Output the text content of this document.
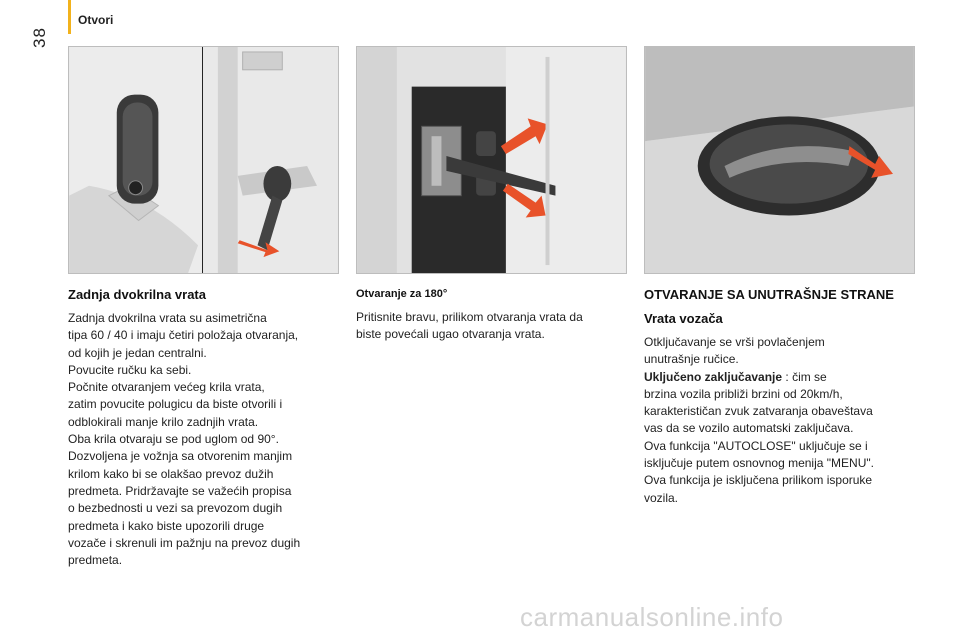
38
Otvori
Zadnja dvokrilna vrata

Zadnja dvokrilna vrata su asimetrična
tipa 60 / 40 i imaju četiri položaja otvaranja,
od kojih je jedan centralni.
Povucite ručku ka sebi.
Počnite otvaranjem većeg krila vrata,
zatim povucite polugicu da biste otvorili i
odblokirali manje krilo zadnjih vrata.
Oba krila otvaraju se pod uglom od 90°.
Dozvoljena je vožnja sa otvorenim manjim
krilom kako bi se olakšao prevoz dužih
predmeta. Pridržavajte se važećih propisa
o bezbednosti u vezi sa prevozom dugih
predmeta i kako biste upozorili druge
vozače i skrenuli im pažnju na prevoz dugih
predmeta.

Otvaranje za 180°

Pritisnite bravu, prilikom otvaranja vrata da
biste povećali ugao otvaranja vrata.

OTVARANJE SA UNUTRAŠNJE STRANE
Vrata vozača

Otključavanje se vrši povlačenjem
unutrašnje ručice.
Uključeno zaključavanje : čim se
brzina vozila približi brzini od 20km/h,
karakterističan zvuk zatvaranja obaveštava
vas da se vozilo automatski zaključava.
Ova funkcija "AUTOCLOSE" uključuje se i
isključuje putem osnovnog menija "MENU".
Ova funkcija je isključena prilikom isporuke
vozila.

carmanualsonline.info
